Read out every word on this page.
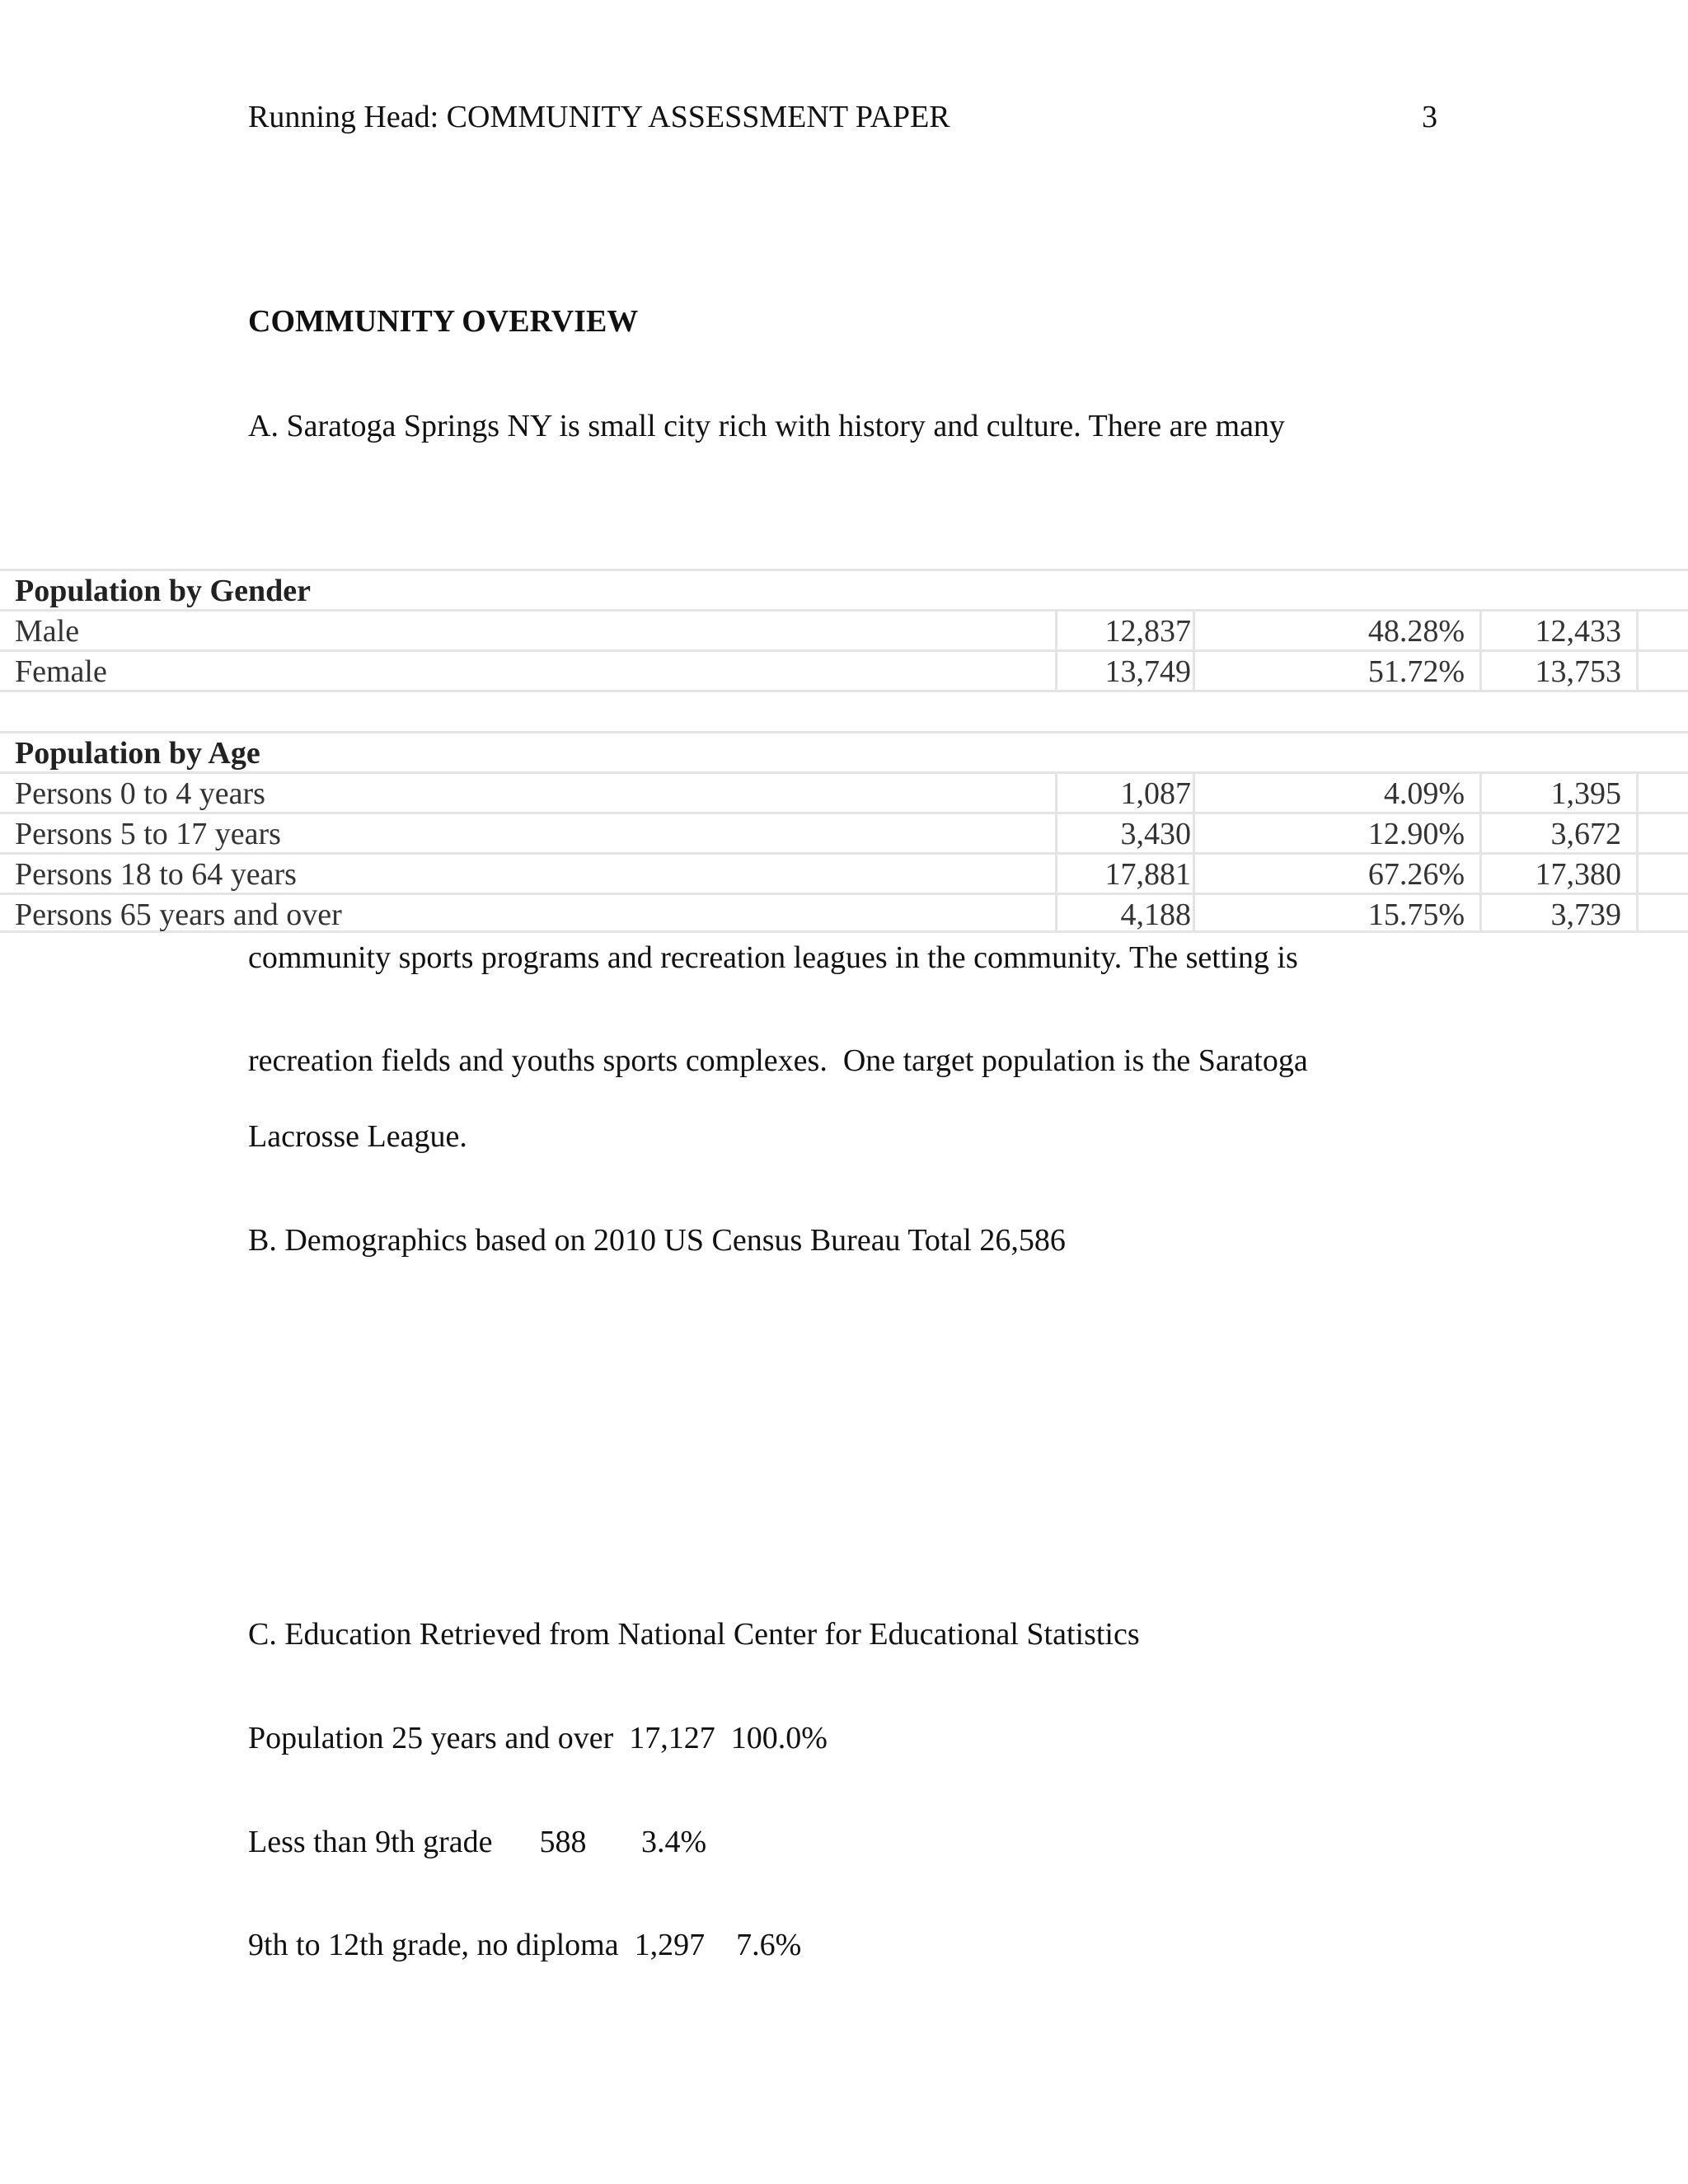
Running Head: COMMUNITY ASSESSMENT PAPER	3
COMMUNITY OVERVIEW
A. Saratoga Springs NY is small city rich with history and culture. There are many
Population by Gender
Male	12,837	48.28%	12,433
Female	13,749	51.72%	13,753
Population by Age
Persons 0 to 4 years	1,087	4.09%	1,395
Persons 5 to 17 years	3,430	12.90%	3,672
Persons 18 to 64 years	17,881	67.26%	17,380
Persons 65 years and over	4,188	15.75%	3,739
community sports programs and recreation leagues in the community. The setting is
recreation fields and youths sports complexes.  One target population is the Saratoga
Lacrosse League.
B. Demographics based on 2010 US Census Bureau Total 26,586
C. Education Retrieved from National Center for Educational Statistics
Population 25 years and over  17,127  100.0%
Less than 9th grade      588       3.4%
9th to 12th grade, no diploma  1,297    7.6%
